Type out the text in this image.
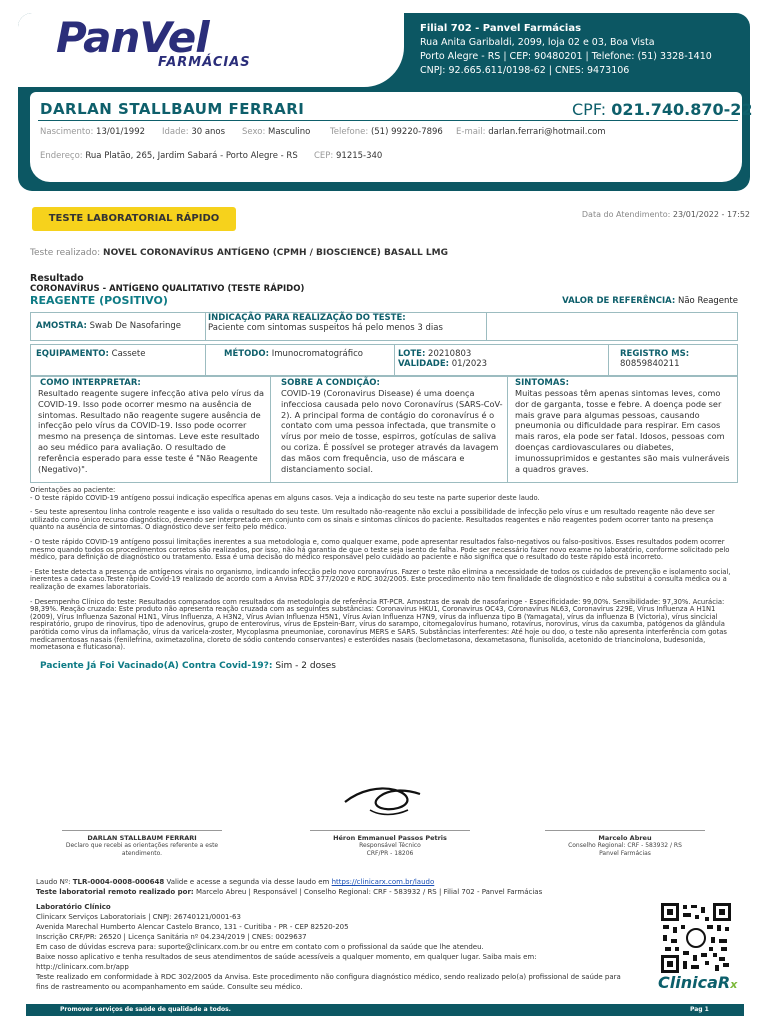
PanVel
FARMÁCIAS
Filial 702 - Panvel Farmácias
Rua Anita Garibaldi, 2099, loja 02 e 03, Boa Vista
Porto Alegre - RS | CEP: 90480201 | Telefone: (51) 3328-1410
CNPJ: 92.665.611/0198-62 | CNES: 9473106
DARLAN STALLBAUM FERRARI	CPF: 021.740.870-22
Nascimento: 13/01/1992 Idade: 30 anos Sexo: Masculino Telefone: (51) 99220-7896 E-mail: darlan.ferrari@hotmail.com
Endereço: Rua Platão, 265, Jardim Sabará - Porto Alegre - RS CEP: 91215-340
TESTE LABORATORIAL RÁPIDO	Data do Atendimento: 23/01/2022 - 17:52
Teste realizado: NOVEL CORONAVÍRUS ANTÍGENO (CPMH / BIOSCIENCE) BASALL LMG
Resultado
CORONAVÍRUS - ANTÍGENO QUALITATIVO (TESTE RÁPIDO)
REAGENTE (POSITIVO)	VALOR DE REFERÊNCIA: Não Reagente
AMOSTRA: Swab De Nasofaringe
INDICAÇÃO PARA REALIZAÇÃO DO TESTE:
Paciente com sintomas suspeitos há pelo menos 3 dias
EQUIPAMENTO: Cassete	MÉTODO: Imunocromatográfico	LOTE: 20210803
VALIDADE: 01/2023
REGISTRO MS:
80859840211
COMO INTERPRETAR:
Resultado reagente sugere infecção ativa pelo vírus da COVID-19. Isso pode ocorrer mesmo na ausência de sintomas. Resultado não reagente sugere ausência de infecção pelo vírus da COVID-19. Isso pode ocorrer mesmo na presença de sintomas. Leve este resultado ao seu médico para avaliação. O resultado de referência esperado para esse teste é "Não Reagente (Negativo)".
SOBRE A CONDIÇÃO:
COVID-19 (Coronavirus Disease) é uma doença infecciosa causada pelo novo Coronavírus (SARS-CoV-2). A principal forma de contágio do coronavírus é o contato com uma pessoa infectada, que transmite o vírus por meio de tosse, espirros, gotículas de saliva ou coriza. É possível se proteger através da lavagem das mãos com frequência, uso de máscara e distanciamento social.
SINTOMAS:
Muitas pessoas têm apenas sintomas leves, como dor de garganta, tosse e febre. A doença pode ser mais grave para algumas pessoas, causando pneumonia ou dificuldade para respirar. Em casos mais raros, ela pode ser fatal. Idosos, pessoas com doenças cardiovasculares ou diabetes, imunossuprimidos e gestantes são mais vulneráveis a quadros graves.
Orientações ao paciente:
- O teste rápido COVID-19 antígeno possui indicação específica apenas em alguns casos. Veja a indicação do seu teste na parte superior deste laudo.
- Seu teste apresentou linha controle reagente e isso valida o resultado do seu teste. Um resultado não-reagente não exclui a possibilidade de infecção pelo vírus e um resultado reagente não deve ser utilizado como único recurso diagnóstico, devendo ser interpretado em conjunto com os sinais e sintomas clínicos do paciente. Resultados reagentes e não reagentes podem ocorrer tanto na presença quanto na ausência de sintomas. O diagnóstico deve ser feito pelo médico.
- O teste rápido COVID-19 antígeno possui limitações inerentes a sua metodologia e, como qualquer exame, pode apresentar resultados falso-negativos ou falso-positivos. Esses resultados podem ocorrer mesmo quando todos os procedimentos corretos são realizados, por isso, não há garantia de que o teste seja isento de falha. Pode ser necessário fazer novo exame no laboratório, conforme solicitado pelo médico, para definição de diagnóstico ou tratamento. Essa é uma decisão do médico responsável pelo cuidado ao paciente e não significa que o resultado do teste rápido está incorreto.
- Este teste detecta a presença de antígenos virais no organismo, indicando infecção pelo novo coronavírus. Fazer o teste não elimina a necessidade de todos os cuidados de prevenção e isolamento social, inerentes a cada caso.Teste rápido Covid-19 realizado de acordo com a Anvisa RDC 377/2020 e RDC 302/2005. Este procedimento não tem finalidade de diagnóstico e não substitui a consulta médica ou a realização de exames laboratoriais.
- Desempenho Clínico do teste: Resultados comparados com resultados da metodologia de referência RT-PCR. Amostras de swab de nasofaringe - Especificidade: 99,00%. Sensibilidade: 97,30%. Acurácia: 98,39%. Reação cruzada: Este produto não apresenta reação cruzada com as seguintes substâncias: Coronavirus HKU1, Coronavirus OC43, Coronavirus NL63, Coronavirus 229E, Vírus Influenza A H1N1 (2009), Vírus Influenza Sazonal H1N1, Vírus Influenza, A H3N2, Vírus Avian Influenza H5N1, Vírus Avian Influenza H7N9, vírus da influenza tipo B (Yamagata), vírus da influenza B (Victoria), vírus sincicial respiratório, grupo de rinovírus, tipo de adenovírus, grupo de enterovírus, vírus de Epstein-Barr, vírus do sarampo, citomegalovírus humano, rotavírus, norovírus, vírus da caxumba, patógenos da glândula parótida como vírus da inflamação, vírus da varicela-zoster, Mycoplasma pneumoniae, coronavírus MERS e SARS. Substâncias interferentes: Até hoje ou doo, o teste não apresenta interferência com gotas medicamentosas nasais (fenilefrina, oximetazolina, cloreto de sódio contendo conservantes) e esteróides nasais (beclometasona, dexametasona, flunisolida, acetonido de triancinolona, budesonida, mometasona e fluticasona).
Paciente Já Foi Vacinado(A) Contra Covid-19?: Sim - 2 doses
DARLAN STALLBAUM FERRARI
Declaro que recebi as orientações referente a este atendimento.
Héron Emmanuel Passos Petris
Responsável Técnico
CRF/PR - 18206
Marcelo Abreu
Conselho Regional: CRF - 583932 / RS
Panvel Farmácias
Laudo Nº: TLR-0004-0008-000648 Valide e acesse a segunda via desse laudo em https://clinicarx.com.br/laudo
Teste laboratorial remoto realizado por: Marcelo Abreu | Responsável | Conselho Regional: CRF - 583932 / RS | Filial 702 - Panvel Farmácias
Laboratório Clínico
Clinicarx Serviços Laboratoriais | CNPJ: 26740121/0001-63
Avenida Marechal Humberto Alencar Castelo Branco, 131 - Curitiba - PR - CEP 82520-205
Inscrição CRF/PR: 26520 | Licença Sanitária nº 04.234/2019 | CNES: 0029637
Em caso de dúvidas escreva para: suporte@clinicarx.com.br ou entre em contato com o profissional da saúde que lhe atendeu.
Baixe nosso aplicativo e tenha resultados de seus atendimentos de saúde acessíveis a qualquer momento, em qualquer lugar. Saiba mais em:
http://clinicarx.com.br/app
Teste realizado em conformidade à RDC 302/2005 da Anvisa. Este procedimento não configura diagnóstico médico, sendo realizado pelo(a) profissional de saúde para fins de rastreamento ou acompanhamento em saúde. Consulte seu médico.	ClinicaRx
Promover serviços de saúde de qualidade a todos.	Pag 1
